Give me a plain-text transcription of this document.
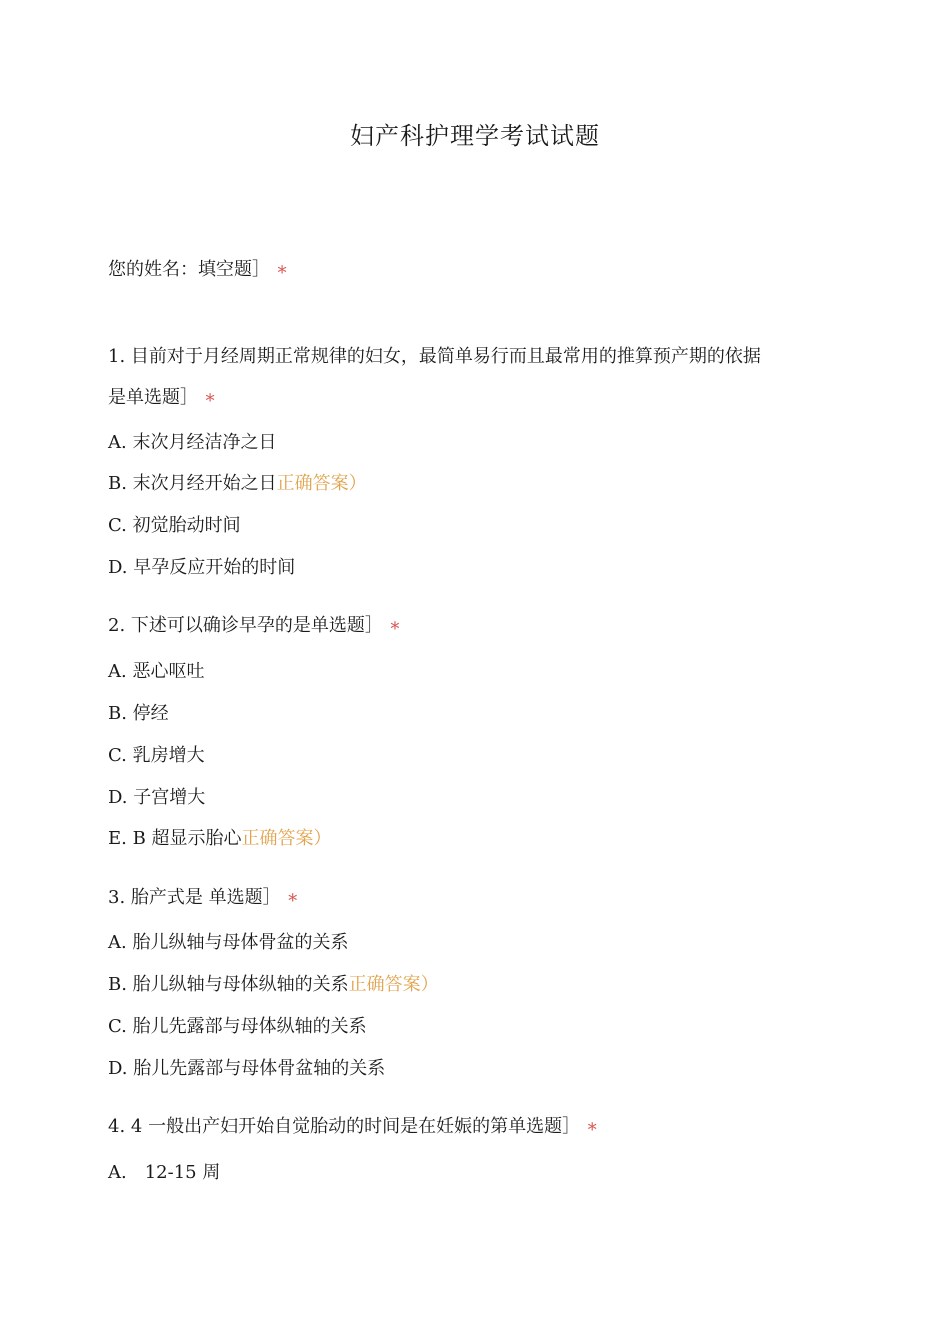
妇产科护理学考试试题
您的姓名：填空题］ ∗
1. 目前对于月经周期正常规律的妇女，最简单易行而且最常用的推算预产期的依据
是单选题］ ∗
A. 末次月经洁净之日
B. 末次月经开始之日正确答案）
C. 初觉胎动时间
D. 早孕反应开始的时间
2. 下述可以确诊早孕的是单选题］ ∗
A. 恶心呕吐
B. 停经
C. 乳房增大
D. 子宫增大
E. B 超显示胎心正确答案）
3. 胎产式是 单选题］ ∗
A. 胎儿纵轴与母体骨盆的关系
B. 胎儿纵轴与母体纵轴的关系正确答案）
C. 胎儿先露部与母体纵轴的关系
D. 胎儿先露部与母体骨盆轴的关系
4. 4 一般出产妇开始自觉胎动的时间是在妊娠的第单选题］ ∗
A. 12-15 周
